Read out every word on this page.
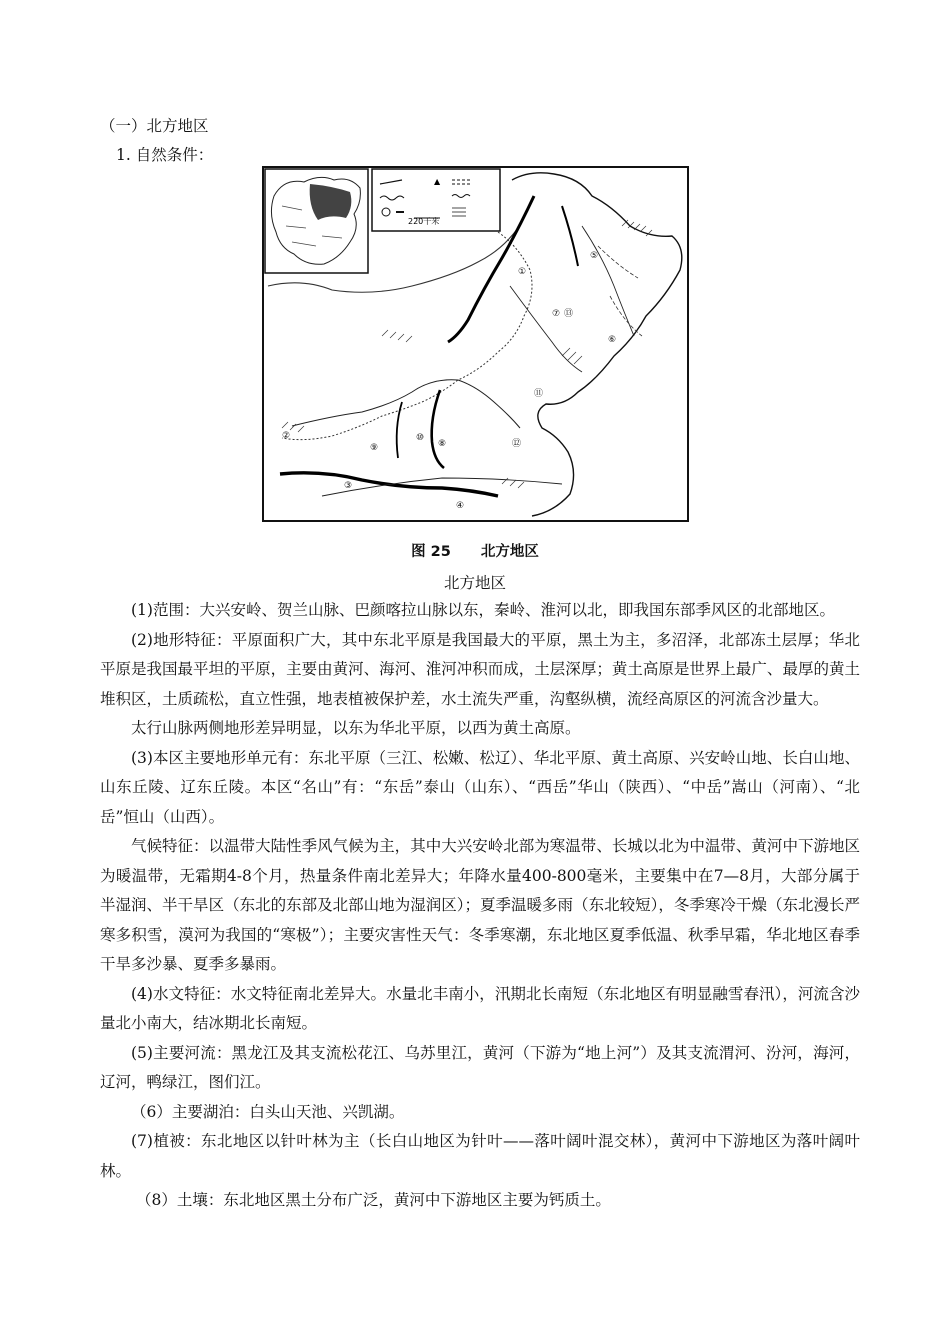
（一）北方地区
1. 自然条件：
▲
220千米
①
②
③
④
⑤
⑥
⑦
⑧
⑨
⑩
⑪
⑫
⑬
图 25 北方地区
北方地区

(1)范围：大兴安岭、贺兰山脉、巴颜喀拉山脉以东，秦岭、淮河以北，即我国东部季风区的北部地区。

(2)地形特征：平原面积广大，其中东北平原是我国最大的平原，黑土为主，多沼泽，北部冻土层厚；华北平原是我国最平坦的平原，主要由黄河、海河、淮河冲积而成，土层深厚；黄土高原是世界上最广、最厚的黄土堆积区，土质疏松，直立性强，地表植被保护差，水土流失严重，沟壑纵横，流经高原区的河流含沙量大。

太行山脉两侧地形差异明显，以东为华北平原，以西为黄土高原。

(3)本区主要地形单元有：东北平原（三江、松嫩、松辽）、华北平原、黄土高原、兴安岭山地、长白山地、山东丘陵、辽东丘陵。本区“名山”有：“东岳”泰山（山东）、“西岳”华山（陕西）、“中岳”嵩山（河南）、“北岳”恒山（山西）。

气候特征：以温带大陆性季风气候为主，其中大兴安岭北部为寒温带、长城以北为中温带、黄河中下游地区为暖温带，无霜期4-8个月，热量条件南北差异大；年降水量400-800毫米，主要集中在7—8月，大部分属于半湿润、半干旱区（东北的东部及北部山地为湿润区）；夏季温暖多雨（东北较短），冬季寒冷干燥（东北漫长严寒多积雪，漠河为我国的“寒极”）；主要灾害性天气：冬季寒潮，东北地区夏季低温、秋季早霜，华北地区春季干旱多沙暴、夏季多暴雨。

(4)水文特征：水文特征南北差异大。水量北丰南小，汛期北长南短（东北地区有明显融雪春汛），河流含沙量北小南大，结冰期北长南短。

(5)主要河流：黑龙江及其支流松花江、乌苏里江，黄河（下游为“地上河”）及其支流渭河、汾河，海河，辽河，鸭绿江，图们江。

（6）主要湖泊：白头山天池、兴凯湖。

(7)植被：东北地区以针叶林为主（长白山地区为针叶——落叶阔叶混交林），黄河中下游地区为落叶阔叶林。

（8）土壤：东北地区黑土分布广泛，黄河中下游地区主要为钙质土。
